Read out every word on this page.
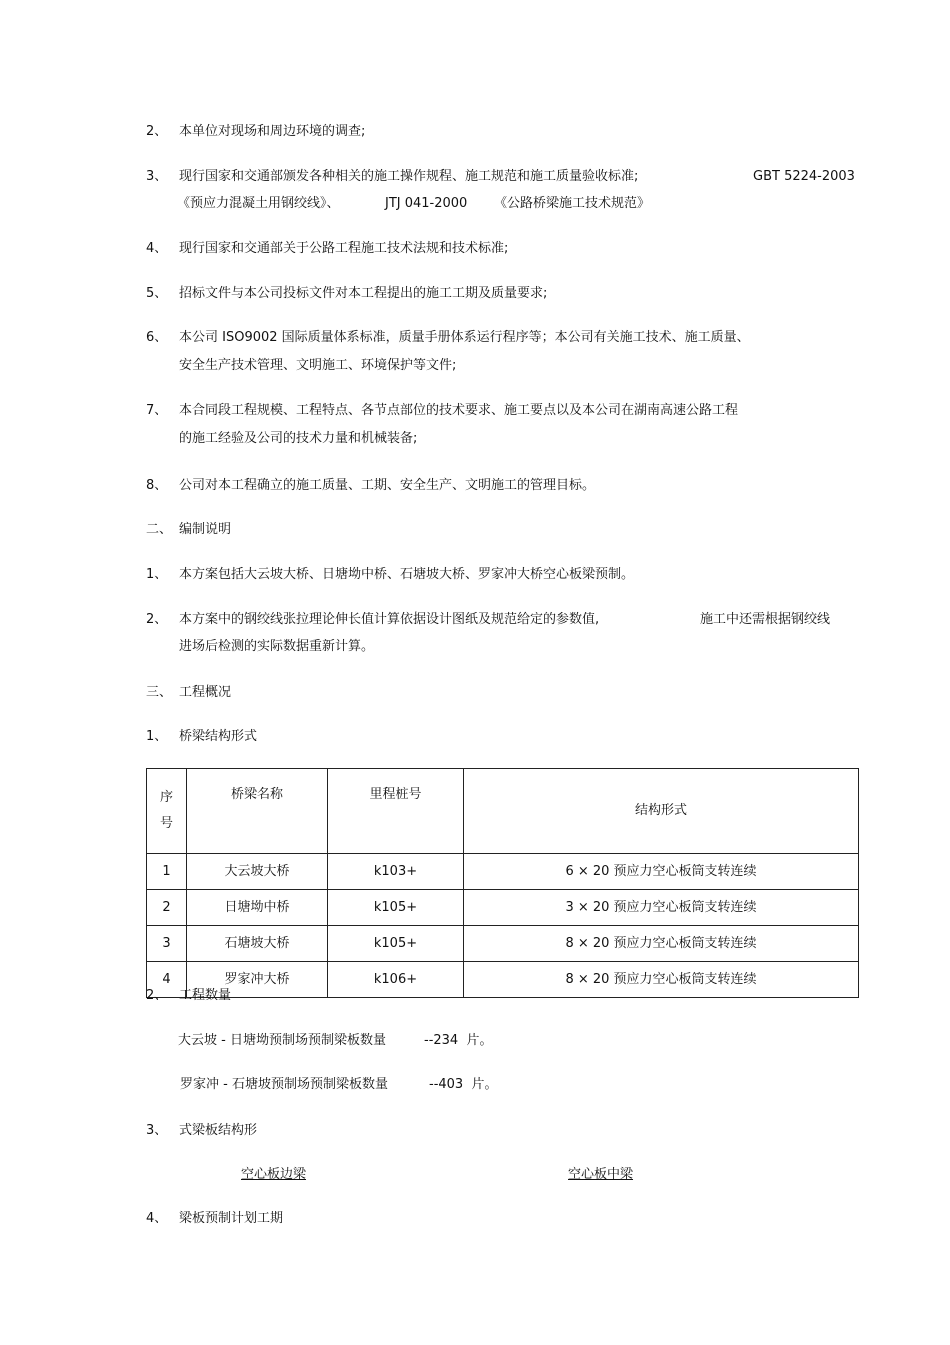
2、 本单位对现场和周边环境的调查;
3、 现行国家和交通部颁发各种相关的施工操作规程、施工规范和施工质量验收标准;	GBT 5224-2003
《预应力混凝土用钢绞线》、	JTJ 041-2000 《公路桥梁施工技术规范》
4、 现行国家和交通部关于公路工程施工技术法规和技术标准;
5、 招标文件与本公司投标文件对本工程提出的施工工期及质量要求;
6、 本公司 ISO9002 国际质量体系标准，质量手册体系运行程序等；本公司有关施工技术、施工质量、
安全生产技术管理、文明施工、环境保护等文件;
7、 本合同段工程规模、工程特点、各节点部位的技术要求、施工要点以及本公司在湖南高速公路工程
的施工经验及公司的技术力量和机械装备;
8、 公司对本工程确立的施工质量、工期、安全生产、文明施工的管理目标。
二、 编制说明
1、 本方案包括大云坡大桥、日塘坳中桥、石塘坡大桥、罗家冲大桥空心板梁预制。
2、 本方案中的钢绞线张拉理论伸长值计算依据设计图纸及规范给定的参数值,	施工中还需根据钢绞线
进场后检测的实际数据重新计算。
三、 工程概况
1、 桥梁结构形式
序
号	桥梁名称	里程桩号	结构形式
1	大云坡大桥	k103+	6 × 20 预应力空心板筒支转连续
2	日塘坳中桥	k105+	3 × 20 预应力空心板筒支转连续
3	石塘坡大桥	k105+	8 × 20 预应力空心板筒支转连续
4	罗家冲大桥	k106+	8 × 20 预应力空心板筒支转连续
2、 工程数量
大云坡 - 日塘坳预制场预制梁板数量	--234  片。
罗家冲 - 石塘坡预制场预制梁板数量	--403  片。
3、 式梁板结构形
空心板边梁	空心板中梁
4、 梁板预制计划工期
